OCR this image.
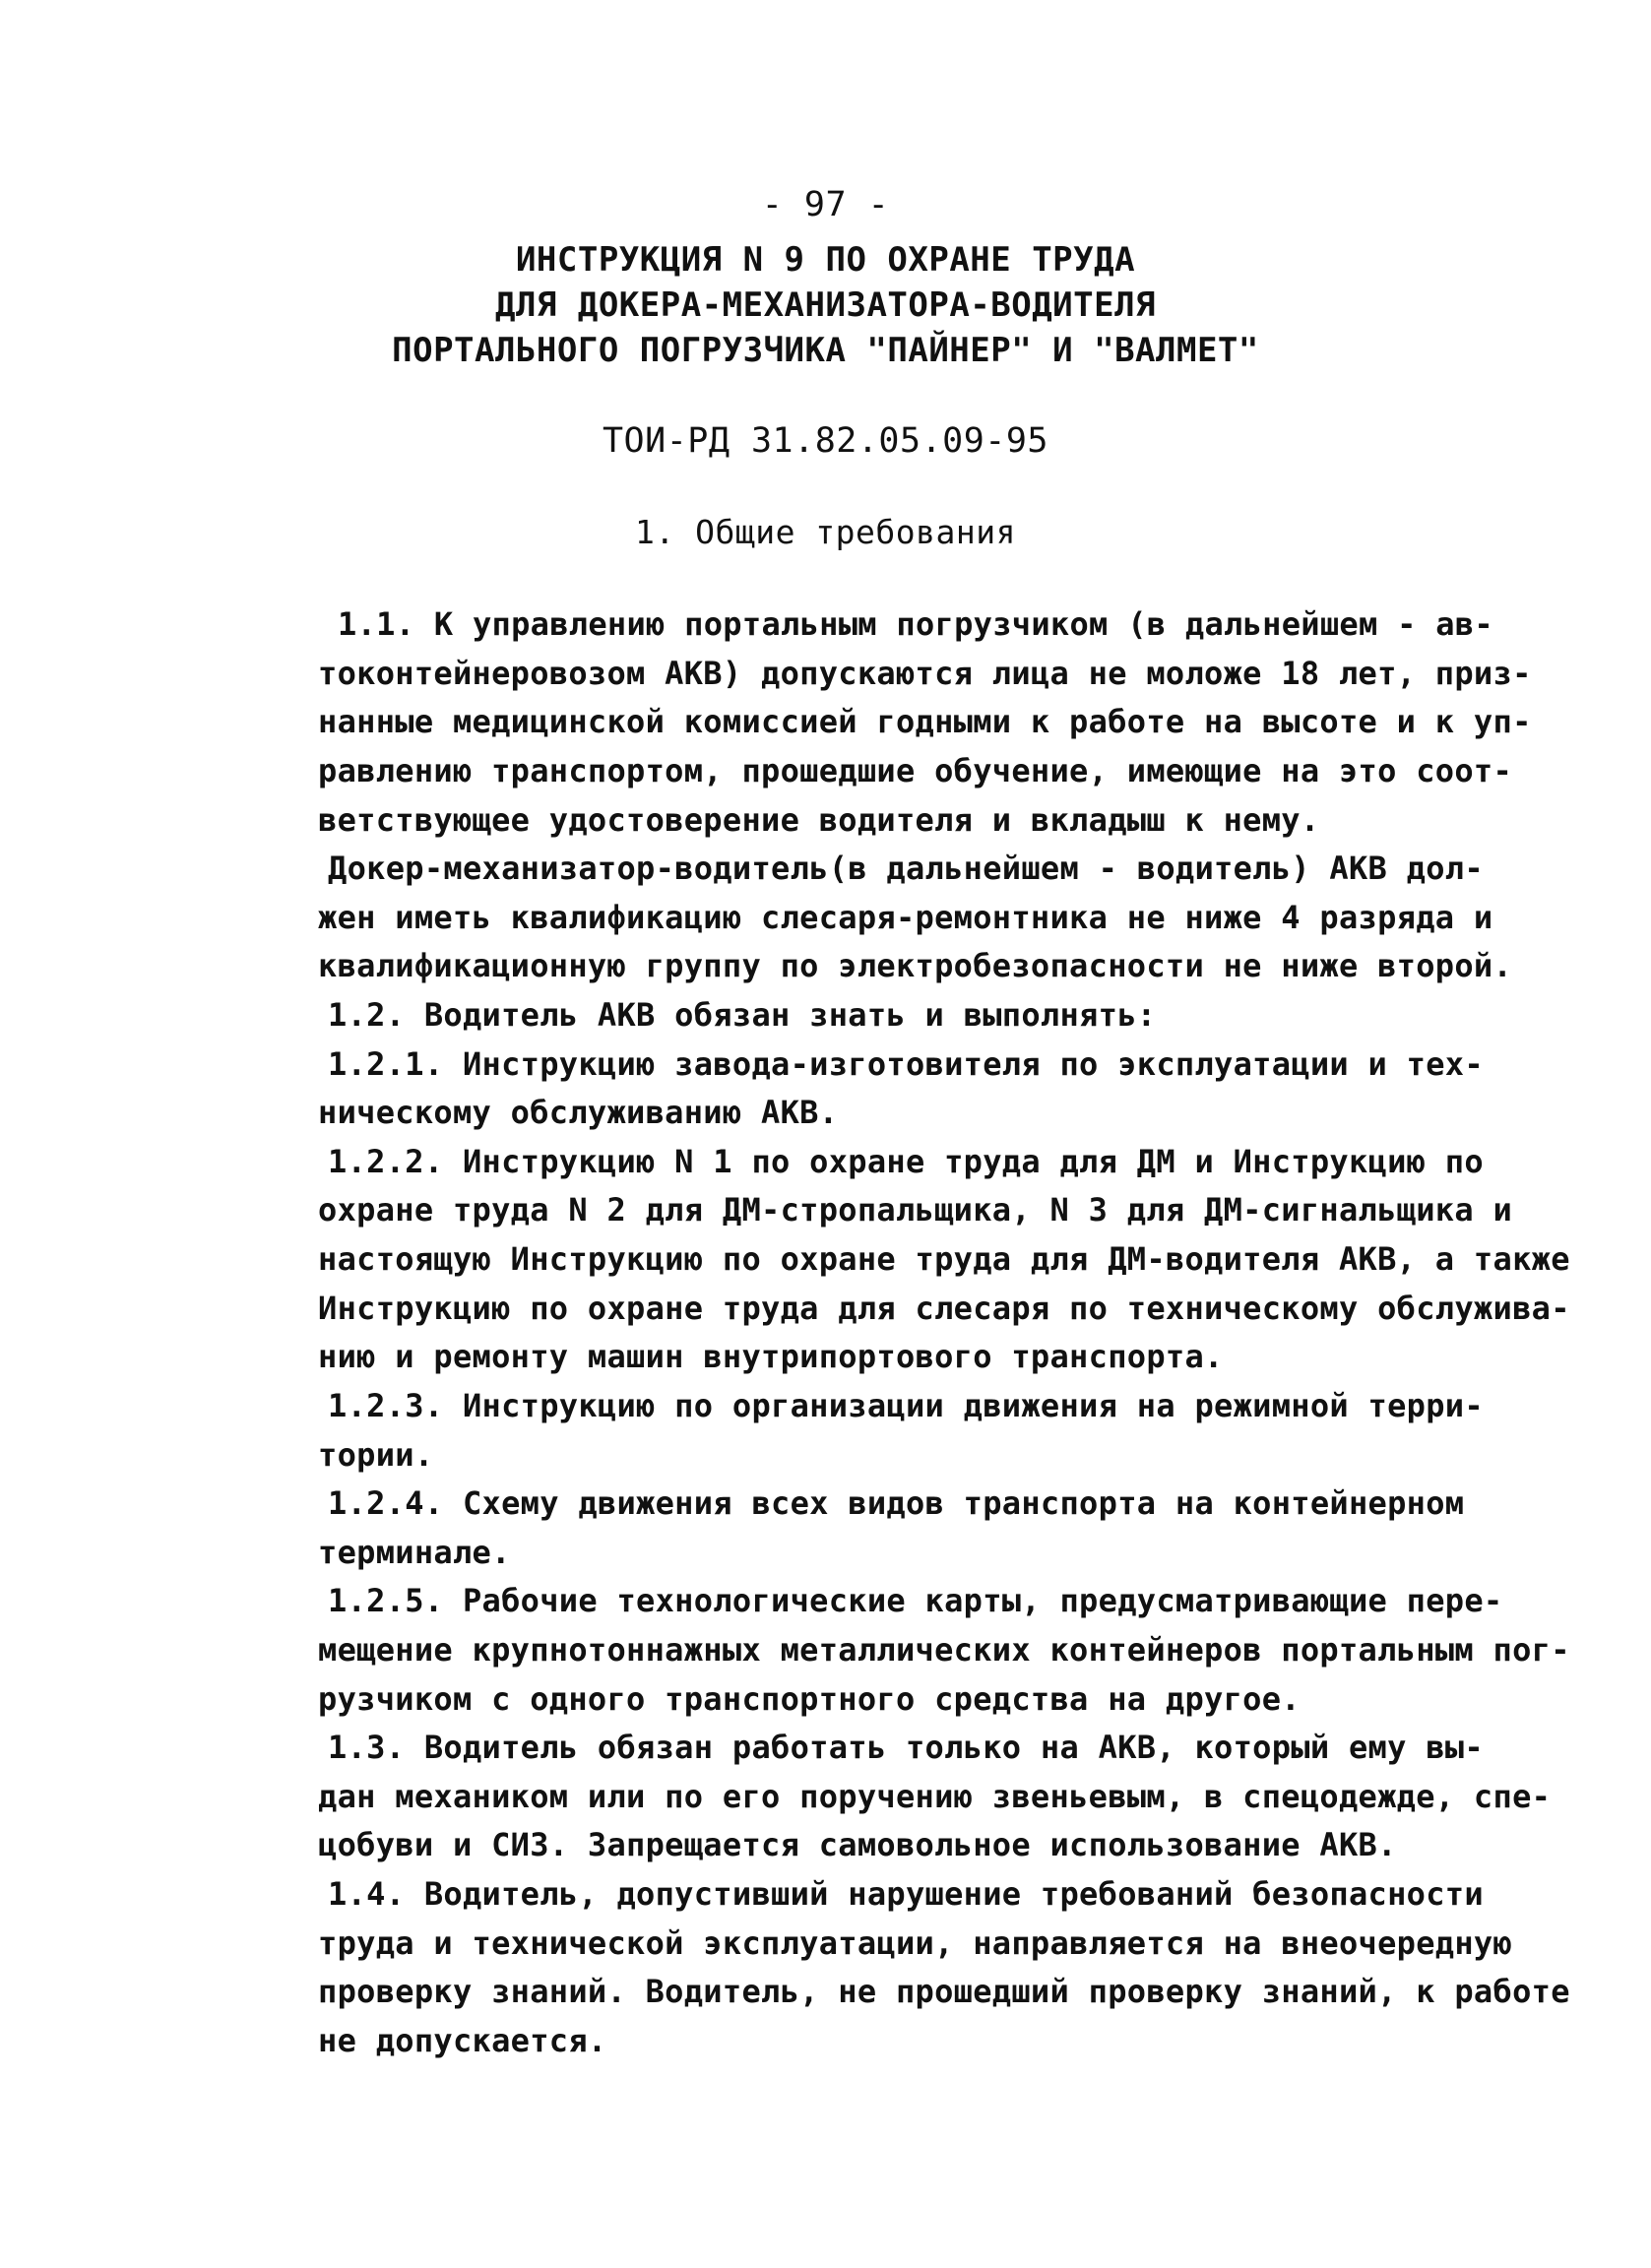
- 97 -
ИНСТРУКЦИЯ N 9 ПО ОХРАНЕ ТРУДА
ДЛЯ ДОКЕРА-МЕХАНИЗАТОРА-ВОДИТЕЛЯ
ПОРТАЛЬНОГО ПОГРУЗЧИКА "ПАЙНЕР" И "ВАЛМЕТ"
ТОИ-РД 31.82.05.09-95
1. Общие требования
1.1. К управлению портальным погрузчиком (в дальнейшем - ав-
токонтейнеровозом АКВ) допускаются лица не моложе 18 лет, приз-
нанные медицинской комиссией годными к работе на высоте и к уп-
равлению транспортом, прошедшие обучение, имеющие на это соот-
ветствующее удостоверение водителя и вкладыш к нему.
Докер-механизатор-водитель(в дальнейшем - водитель) АКВ дол-
жен иметь квалификацию слесаря-ремонтника не ниже 4 разряда и
квалификационную группу по электробезопасности не ниже второй.
1.2. Водитель АКВ обязан знать и выполнять:
1.2.1. Инструкцию завода-изготовителя по эксплуатации и тех-
ническому обслуживанию АКВ.
1.2.2. Инструкцию N 1 по охране труда для ДМ и Инструкцию по
охране труда N 2 для ДМ-стропальщика, N 3 для ДМ-сигнальщика и
настоящую Инструкцию по охране труда для ДМ-водителя АКВ, а также
Инструкцию по охране труда для слесаря по техническому обслужива-
нию и ремонту машин внутрипортового транспорта.
1.2.3. Инструкцию по организации движения на режимной терри-
тории.
1.2.4. Схему движения всех видов транспорта на контейнерном
терминале.
1.2.5. Рабочие технологические карты, предусматривающие пере-
мещение крупнотоннажных металлических контейнеров портальным пог-
рузчиком с одного транспортного средства на другое.
1.3. Водитель обязан работать только на АКВ, который ему вы-
дан механиком или по его поручению звеньевым, в спецодежде, спе-
цобуви и СИЗ. Запрещается самовольное использование АКВ.
1.4. Водитель, допустивший нарушение требований безопасности
труда и технической эксплуатации, направляется на внеочередную
проверку знаний. Водитель, не прошедший проверку знаний, к работе
не допускается.
